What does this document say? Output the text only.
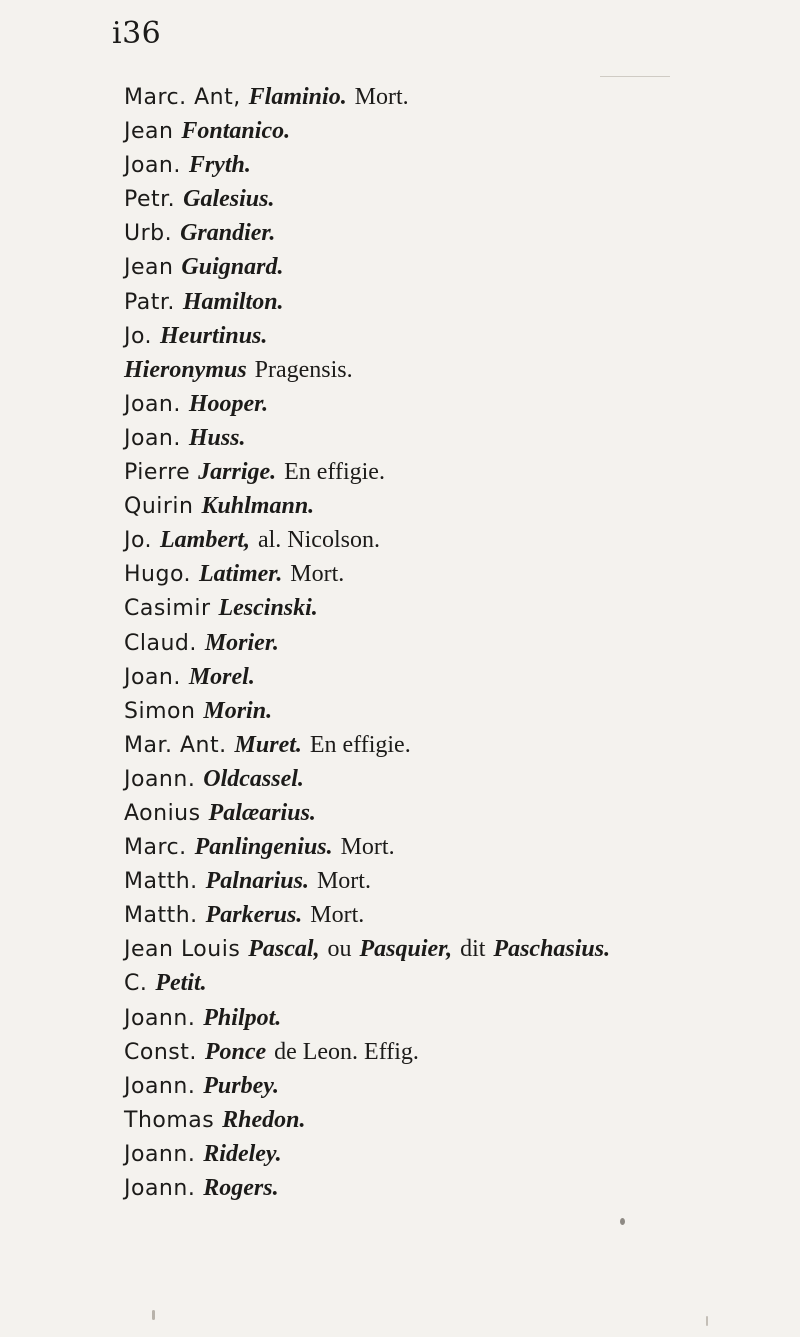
i36
Marc. Ant, Flaminio. Mort.
Jean Fontanico.
Joan. Fryth.
Petr. Galesius.
Urb. Grandier.
Jean Guignard.
Patr. Hamilton.
Jo. Heurtinus.
Hieronymus Pragensis.
Joan. Hooper.
Joan. Huss.
Pierre Jarrige. En effigie.
Quirin Kuhlmann.
Jo. Lambert, al. Nicolson.
Hugo. Latimer. Mort.
Casimir Lescinski.
Claud. Morier.
Joan. Morel.
Simon Morin.
Mar. Ant. Muret. En effigie.
Joann. Oldcassel.
Aonius Palæarius.
Marc. Panlingenius. Mort.
Matth. Palnarius. Mort.
Matth. Parkerus. Mort.
Jean Louis Pascal, ou Pasquier, dit Paschasius.
C. Petit.
Joann. Philpot.
Const. Ponce de Leon. Effig.
Joann. Purbey.
Thomas Rhedon.
Joann. Rideley.
Joann. Rogers.
